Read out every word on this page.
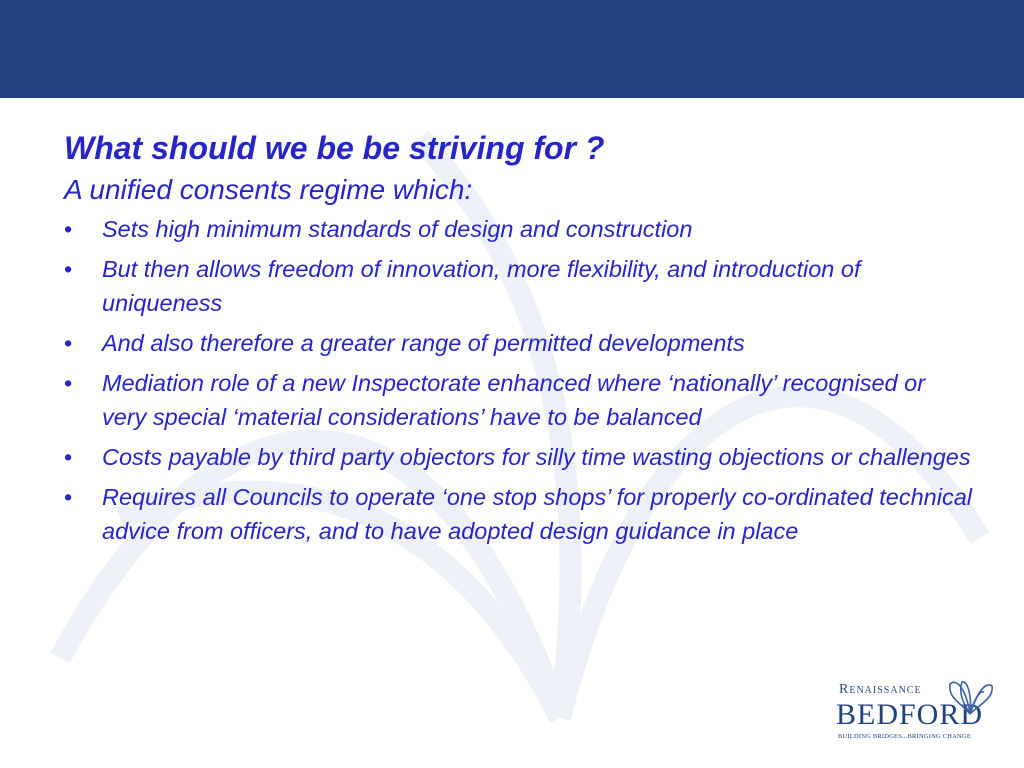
What should we be be striving for ?

A unified consents regime which:

• Sets high minimum standards of design and construction
• But then allows freedom of innovation, more flexibility, and introduction of uniqueness
• And also therefore a greater range of permitted developments
• Mediation role of a new Inspectorate enhanced where ‘nationally’ recognised or very special ‘material considerations’ have to be balanced
• Costs payable by third party objectors for silly time wasting objections or challenges
• Requires all Councils to operate ‘one stop shops’ for properly co-ordinated technical advice from officers, and to have adopted design guidance in place
Renaissance
BEDFORD
BUILDING BRIDGES...BRINGING CHANGE
